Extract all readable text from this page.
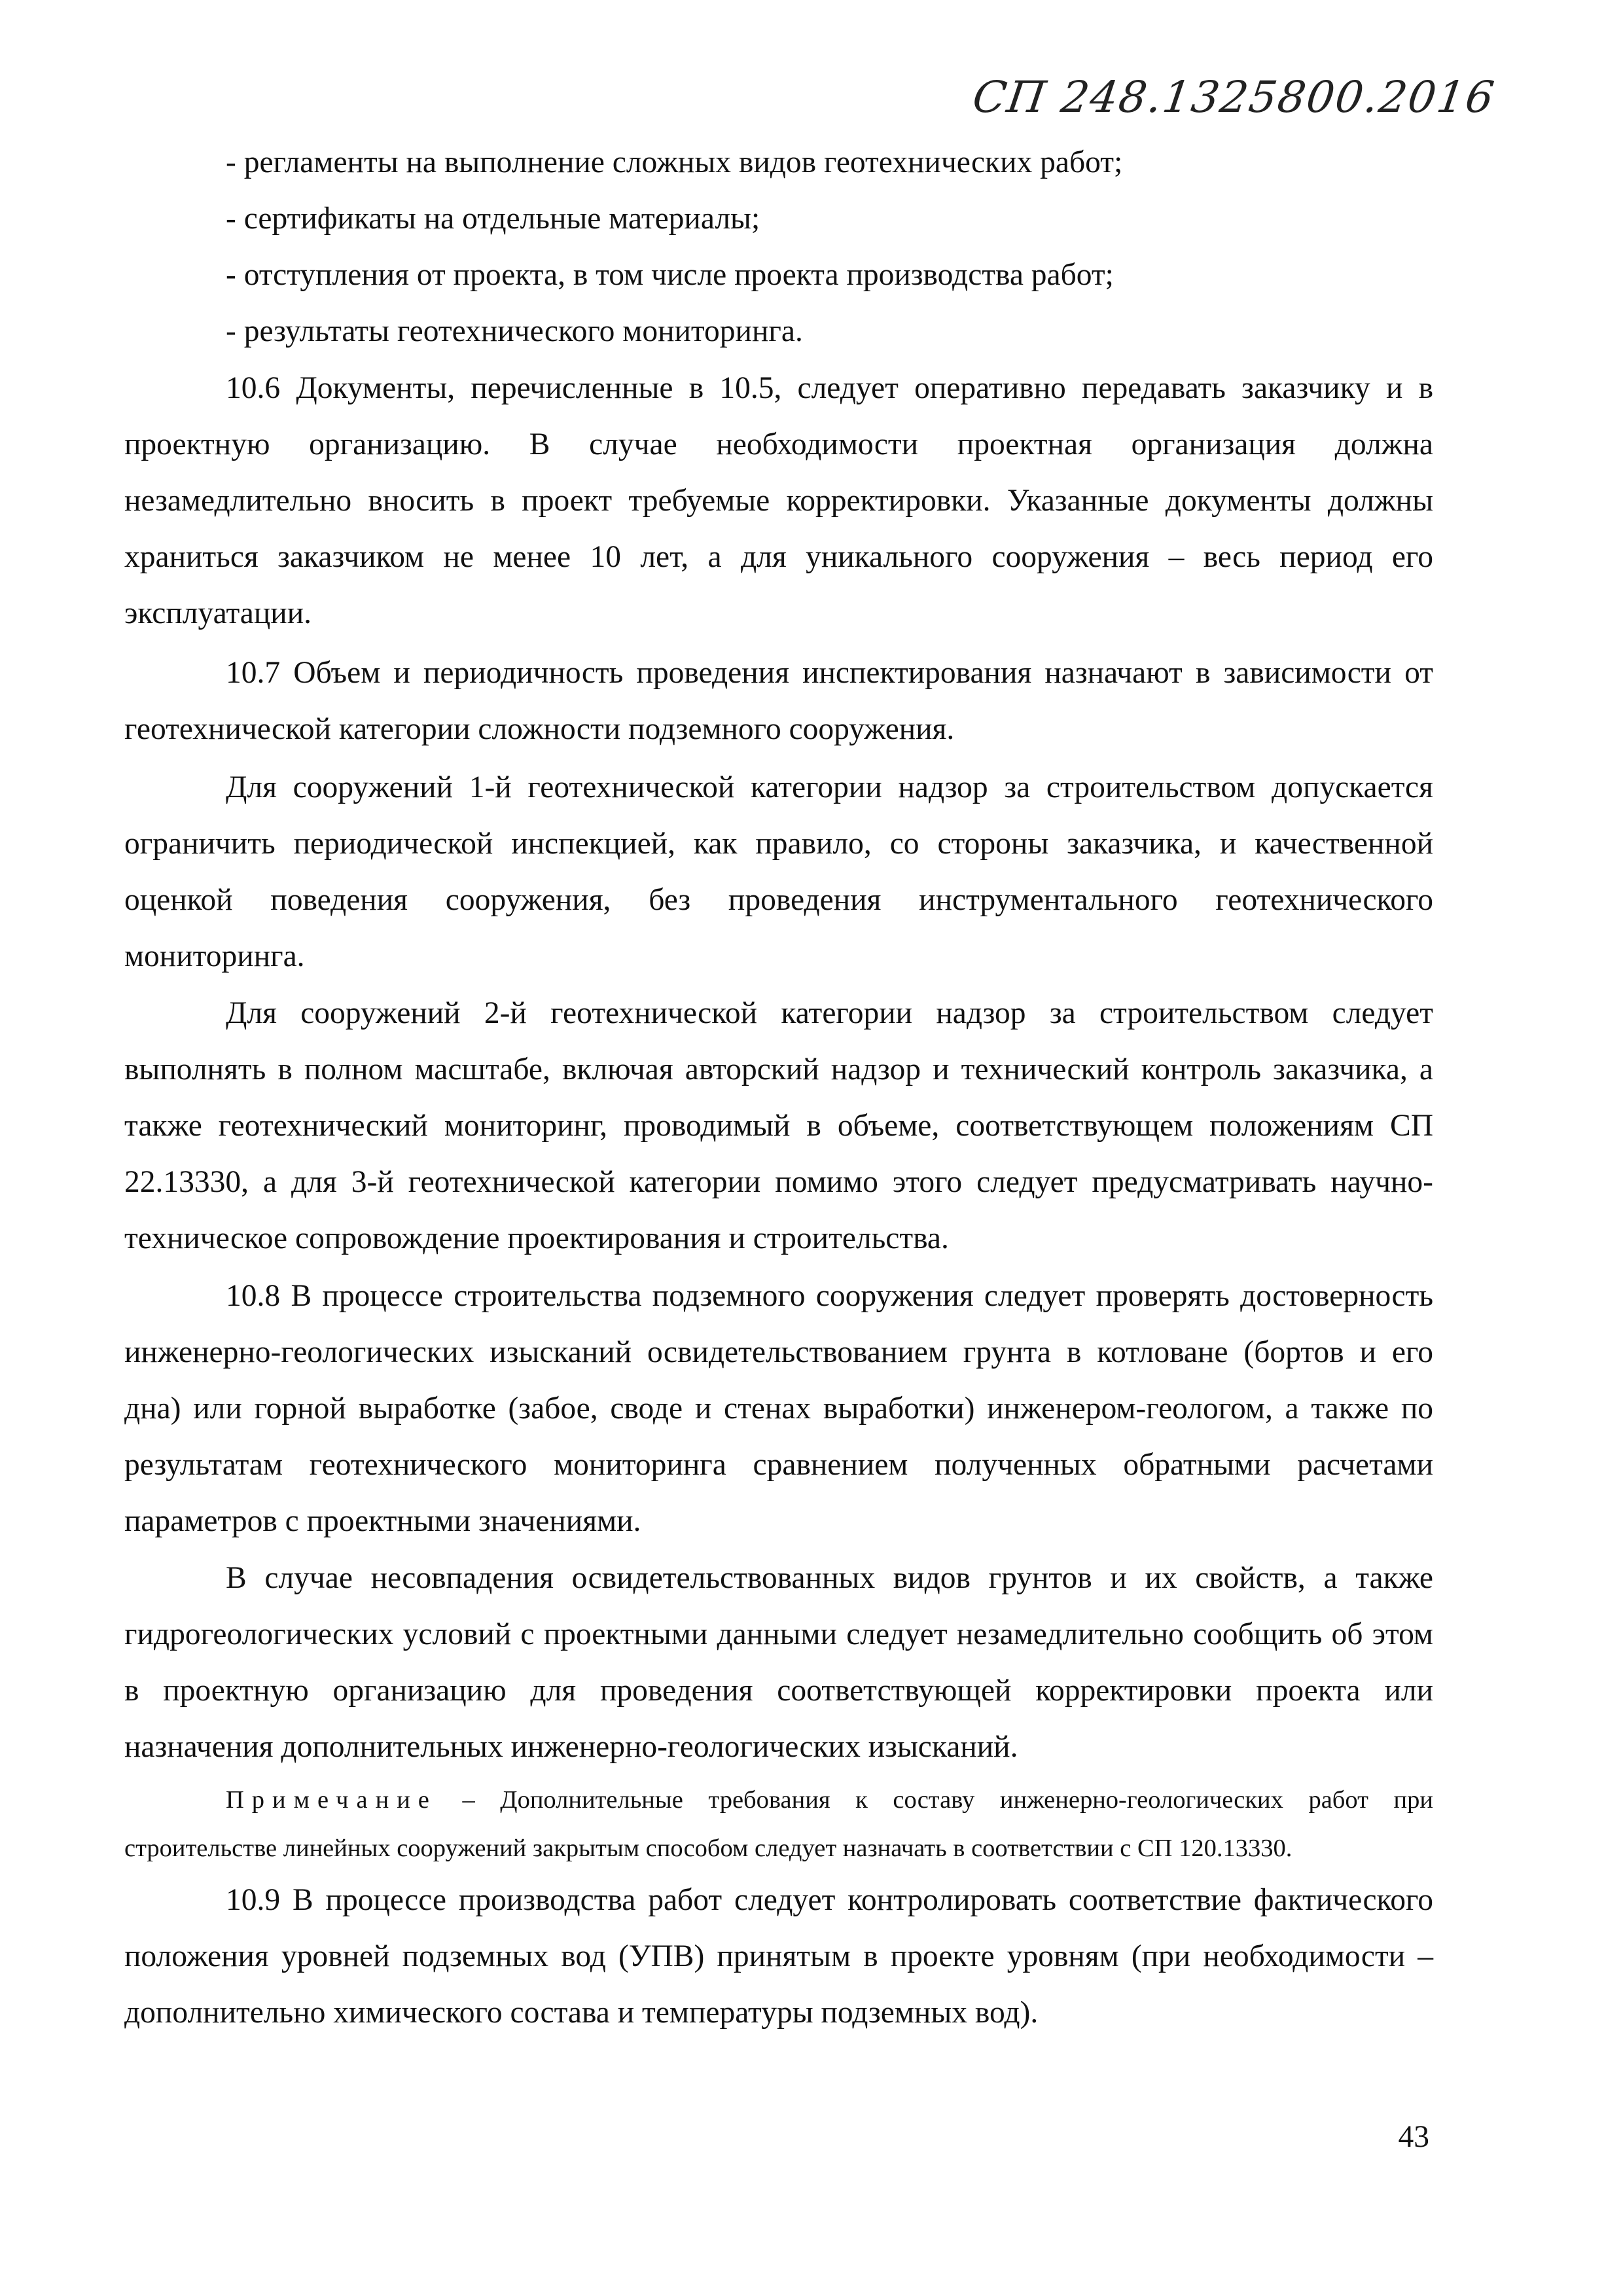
СП 248.1325800.2016
- регламенты на выполнение сложных видов геотехнических работ;
- сертификаты на отдельные материалы;
- отступления от проекта, в том числе проекта производства работ;
- результаты геотехнического мониторинга.

10.6 Документы, перечисленные в 10.5, следует оперативно передавать заказчику и в проектную организацию. В случае необходимости проектная организация должна незамедлительно вносить в проект требуемые корректировки. Указанные документы должны храниться заказчиком не менее 10 лет, а для уникального сооружения – весь период его эксплуатации.

10.7 Объем и периодичность проведения инспектирования назначают в зависимости от геотехнической категории сложности подземного сооружения.

Для сооружений 1-й геотехнической категории надзор за строительством допускается ограничить периодической инспекцией, как правило, со стороны заказчика, и качественной оценкой поведения сооружения, без проведения инструментального геотехнического мониторинга.

Для сооружений 2-й геотехнической категории надзор за строительством следует выполнять в полном масштабе, включая авторский надзор и технический контроль заказчика, а также геотехнический мониторинг, проводимый в объеме, соответствующем положениям СП 22.13330, а для 3-й геотехнической категории помимо этого следует предусматривать научно-техническое сопровождение проектирования и строительства.

10.8 В процессе строительства подземного сооружения следует проверять достоверность инженерно-геологических изысканий освидетельствованием грунта в котловане (бортов и его дна) или горной выработке (забое, своде и стенах выработки) инженером-геологом, а также по результатам геотехнического мониторинга сравнением полученных обратными расчетами параметров с проектными значениями.

В случае несовпадения освидетельствованных видов грунтов и их свойств, а также гидрогеологических условий с проектными данными следует незамедлительно сообщить об этом в проектную организацию для проведения соответствующей корректировки проекта или назначения дополнительных инженерно-геологических изысканий.

Примечание – Дополнительные требования к составу инженерно-геологических работ при строительстве линейных сооружений закрытым способом следует назначать в соответствии с СП 120.13330.

10.9 В процессе производства работ следует контролировать соответствие фактического положения уровней подземных вод (УПВ) принятым в проекте уровням (при необходимости – дополнительно химического состава и температуры подземных вод).

43
